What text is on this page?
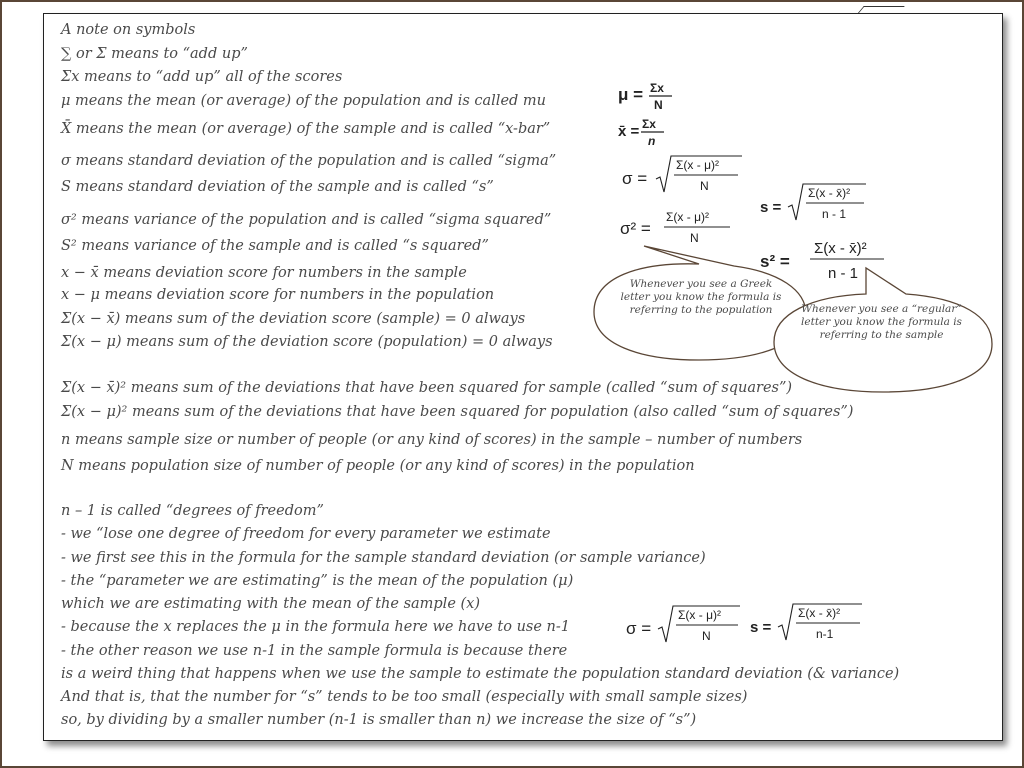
A note on symbols
∑ or Σ means to “add up”
Σx means to “add up” all of the scores
μ means the mean (or average) of the population and is called mu
X̄ means the mean (or average) of the sample and is called “x-bar”
σ means standard deviation of the population and is called “sigma”
S means standard deviation of the sample and is called “s”
σ² means variance of the population and is called “sigma squared”
S² means variance of the sample and is called “s squared”
x − x̄ means deviation score for numbers in the sample
x − μ means deviation score for numbers in the population
Σ(x − x̄) means sum of the deviation score (sample) = 0 always
Σ(x − μ) means sum of the deviation score (population) = 0 always
Σ(x − x̄)² means sum of the deviations that have been squared for sample (called “sum of squares”)
Σ(x − μ)² means sum of the deviations that have been squared for population (also called “sum of squares”)
n means sample size or number of people (or any kind of scores) in the sample – number of numbers
N means population size of number of people (or any kind of scores) in the population
n – 1 is called “degrees of freedom”
- we “lose one degree of freedom for every parameter we estimate
- we first see this in the formula for the sample standard deviation (or sample variance)
- the “parameter we are estimating” is the mean of the population (μ)
which we are estimating with the mean of the sample (x)
- because the x replaces the μ in the formula here we have to use n-1
- the other reason we use n-1 in the sample formula is because there
is a weird thing that happens when we use the sample to estimate the population standard deviation (& variance)
And that is, that the number for “s” tends to be too small (especially with small sample sizes)
so, by dividing by a smaller number (n-1 is smaller than n) we increase the size of “s”)
Whenever you see a Greek letter you know the formula is referring to the population	Whenever you see a “regular” letter you know the formula is referring to the sample
μ = Σx
N
x̄ = Σx
n
σ =
Σ(x - μ)²
N
σ² =
Σ(x - μ)²
N
s =
Σ(x - x̄)²
n - 1
s² =
Σ(x - x̄)²
n - 1
σ =
Σ(x - μ)²
N	s =
Σ(x - x̄)²
n-1
